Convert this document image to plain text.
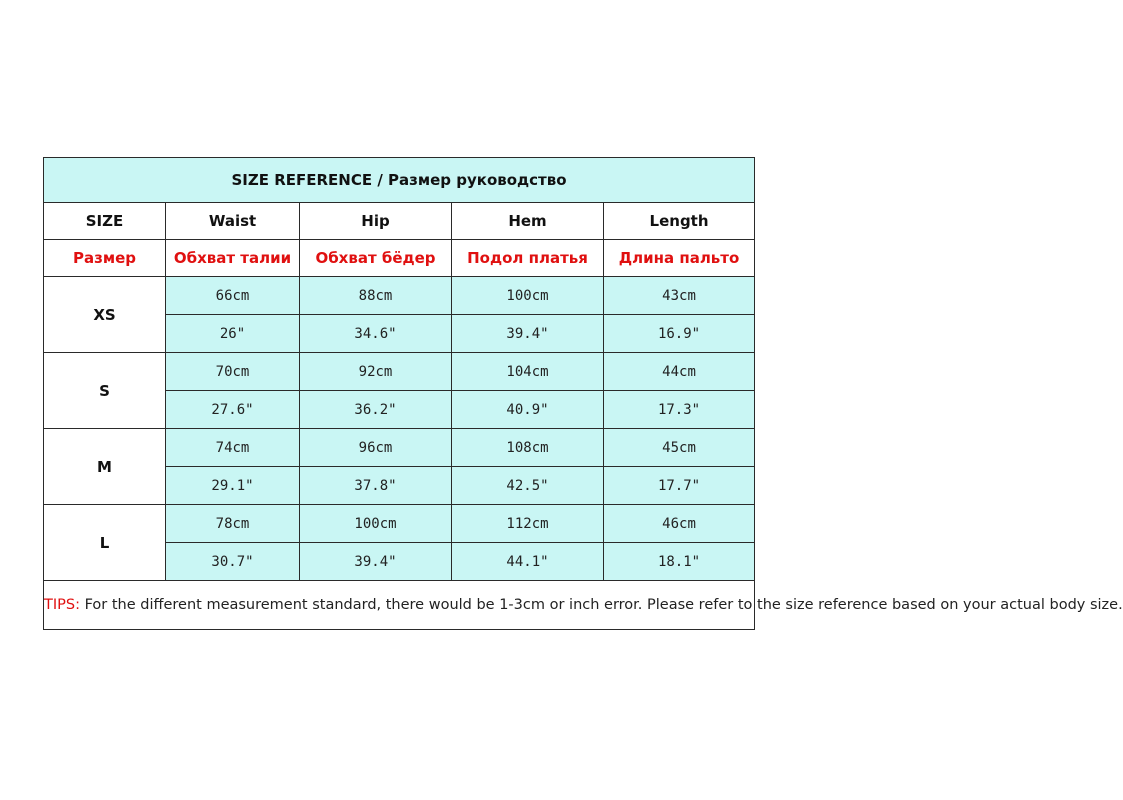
SIZE REFERENCE / Размер руководство				
SIZE	Waist	Hip	Hem	Length
Размер	Обхват талии	Обхват бёдер	Подол платья	Длина пальто
XS	66cm	88cm	100cm	43cm
	26"	34.6"	39.4"	16.9"
S	70cm	92cm	104cm	44cm
	27.6"	36.2"	40.9"	17.3"
M	74cm	96cm	108cm	45cm
	29.1"	37.8"	42.5"	17.7"
L	78cm	100cm	112cm	46cm
	30.7"	39.4"	44.1"	18.1"
TIPS: For the different measurement standard, there would be 1-3cm or inch error. Please refer to the size reference based on your actual body size.				
